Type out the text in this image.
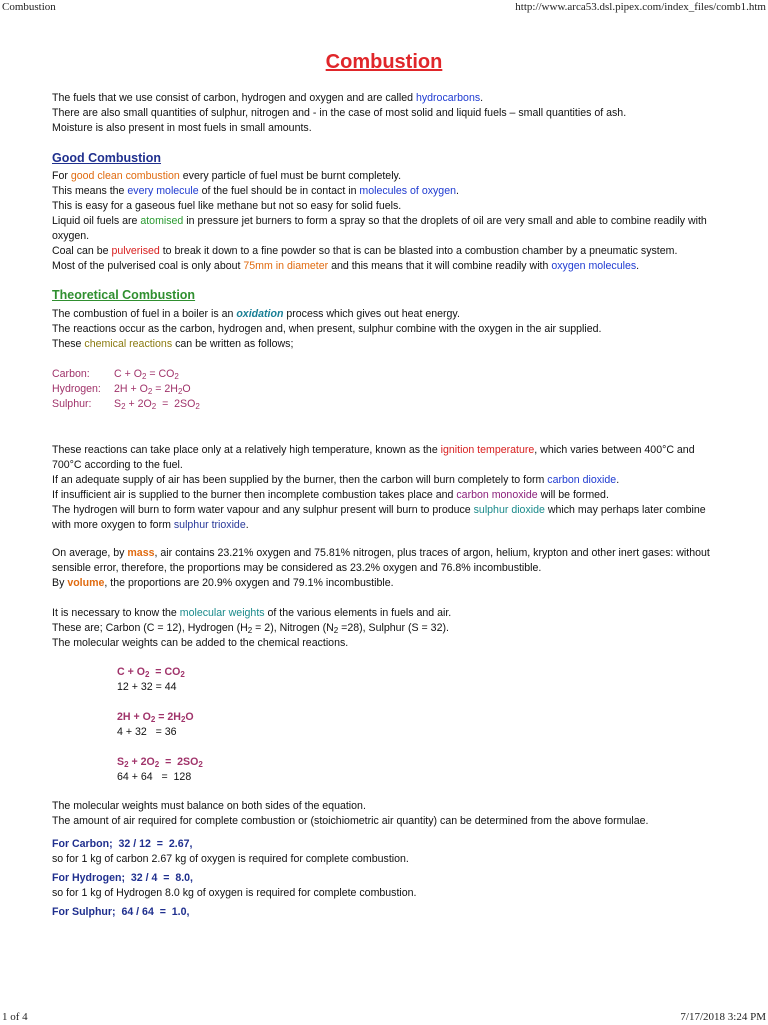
Combustion	http://www.arca53.dsl.pipex.com/index_files/comb1.htm
Combustion

The fuels that we use consist of carbon, hydrogen and oxygen and are called hydrocarbons.

There are also small quantities of sulphur, nitrogen and - in the case of most solid and liquid fuels – small quantities of ash.

Moisture is also present in most fuels in small amounts.

Good Combustion

For good clean combustion every particle of fuel must be burnt completely.

This means the every molecule of the fuel should be in contact in molecules of oxygen.

This is easy for a gaseous fuel like methane but not so easy for solid fuels.

Liquid oil fuels are atomised in pressure jet burners to form a spray so that the droplets of oil are very small and able to combine readily with oxygen.

Coal can be pulverised to break it down to a fine powder so that is can be blasted into a combustion chamber by a pneumatic system.

Most of the pulverised coal is only about 75mm in diameter and this means that it will combine readily with oxygen molecules.

Theoretical Combustion

The combustion of fuel in a boiler is an oxidation process which gives out heat energy.

The reactions occur as the carbon, hydrogen and, when present, sulphur combine with the oxygen in the air supplied.

These chemical reactions can be written as follows;

Carbon:	$C + O_2 = CO_2$
Hydrogen:	$2H + O_2 = 2H_2O$
Sulphur:	$S_2 + 2O_2 = 2SO_2$

These reactions can take place only at a relatively high temperature, known as the ignition temperature, which varies between 400°C and 700°C according to the fuel.

If an adequate supply of air has been supplied by the burner, then the carbon will burn completely to form carbon dioxide.

If insufficient air is supplied to the burner then incomplete combustion takes place and carbon monoxide will be formed.

The hydrogen will burn to form water vapour and any sulphur present will burn to produce sulphur dioxide which may perhaps later combine with more oxygen to form sulphur trioxide.

On average, by mass, air contains 23.21% oxygen and 75.81% nitrogen, plus traces of argon, helium, krypton and other inert gases: without sensible error, therefore, the proportions may be considered as 23.2% oxygen and 76.8% incombustible.

By volume, the proportions are 20.9% oxygen and 79.1% incombustible.

It is necessary to know the molecular weights of the various elements in fuels and air.

These are; Carbon (C = 12), Hydrogen $(H_2 = 2)$, Nitrogen $(N_2 =28)$, Sulphur (S = 32).

The molecular weights can be added to the chemical reactions.

$C + O_2 = CO_2$

12 + 32 = 44

$2H + O_2 = 2H_2O$

4 + 32   = 36

$S_2 + 2O_2 = 2SO_2$

64 + 64   =  128

The molecular weights must balance on both sides of the equation.

The amount of air required for complete combustion or (stoichiometric air quantity) can be determined from the above formulae.

For Carbon;  32 / 12  =  2.67,

so for 1 kg of carbon 2.67 kg of oxygen is required for complete combustion.

For Hydrogen;  32 / 4  =  8.0,

so for 1 kg of Hydrogen 8.0 kg of oxygen is required for complete combustion.

For Sulphur;  64 / 64  =  1.0,

1 of 4	7/17/2018 3:24 PM
